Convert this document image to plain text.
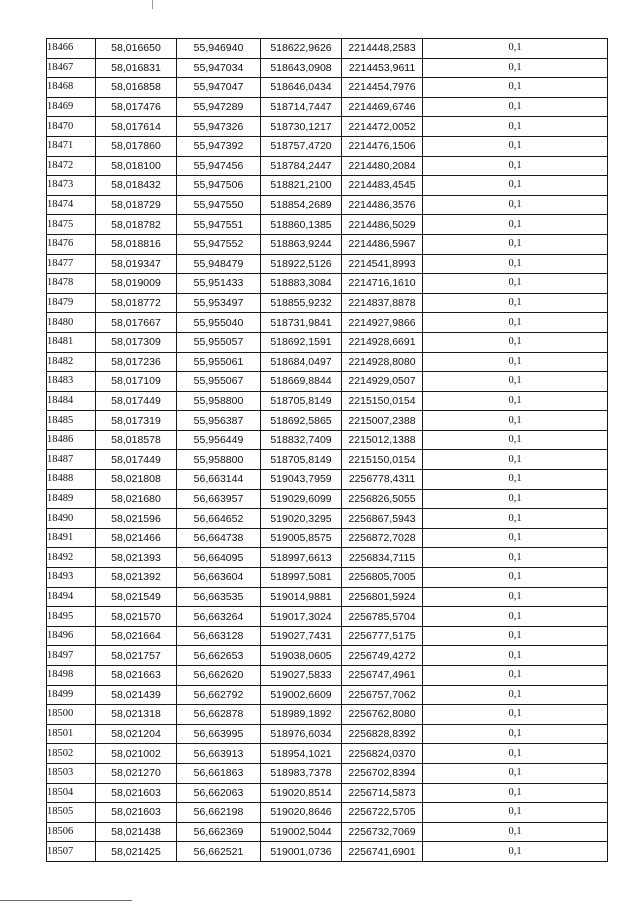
18466	58,016650	55,946940	518622,9626	2214448,2583	0,1
18467	58,016831	55,947034	518643,0908	2214453,9611	0,1
18468	58,016858	55,947047	518646,0434	2214454,7976	0,1
18469	58,017476	55,947289	518714,7447	2214469,6746	0,1
18470	58,017614	55,947326	518730,1217	2214472,0052	0,1
18471	58,017860	55,947392	518757,4720	2214476,1506	0,1
18472	58,018100	55,947456	518784,2447	2214480,2084	0,1
18473	58,018432	55,947506	518821,2100	2214483,4545	0,1
18474	58,018729	55,947550	518854,2689	2214486,3576	0,1
18475	58,018782	55,947551	518860,1385	2214486,5029	0,1
18476	58,018816	55,947552	518863,9244	2214486,5967	0,1
18477	58,019347	55,948479	518922,5126	2214541,8993	0,1
18478	58,019009	55,951433	518883,3084	2214716,1610	0,1
18479	58,018772	55,953497	518855,9232	2214837,8878	0,1
18480	58,017667	55,955040	518731,9841	2214927,9866	0,1
18481	58,017309	55,955057	518692,1591	2214928,6691	0,1
18482	58,017236	55,955061	518684,0497	2214928,8080	0,1
18483	58,017109	55,955067	518669,8844	2214929,0507	0,1
18484	58,017449	55,958800	518705,8149	2215150,0154	0,1
18485	58,017319	55,956387	518692,5865	2215007,2388	0,1
18486	58,018578	55,956449	518832,7409	2215012,1388	0,1
18487	58,017449	55,958800	518705,8149	2215150,0154	0,1
18488	58,021808	56,663144	519043,7959	2256778,4311	0,1
18489	58,021680	56,663957	519029,6099	2256826,5055	0,1
18490	58,021596	56,664652	519020,3295	2256867,5943	0,1
18491	58,021466	56,664738	519005,8575	2256872,7028	0,1
18492	58,021393	56,664095	518997,6613	2256834,7115	0,1
18493	58,021392	56,663604	518997,5081	2256805,7005	0,1
18494	58,021549	56,663535	519014,9881	2256801,5924	0,1
18495	58,021570	56,663264	519017,3024	2256785,5704	0,1
18496	58,021664	56,663128	519027,7431	2256777,5175	0,1
18497	58,021757	56,662653	519038,0605	2256749,4272	0,1
18498	58,021663	56,662620	519027,5833	2256747,4961	0,1
18499	58,021439	56,662792	519002,6609	2256757,7062	0,1
18500	58,021318	56,662878	518989,1892	2256762,8080	0,1
18501	58,021204	56,663995	518976,6034	2256828,8392	0,1
18502	58,021002	56,663913	518954,1021	2256824,0370	0,1
18503	58,021270	56,661863	518983,7378	2256702,8394	0,1
18504	58,021603	56,662063	519020,8514	2256714,5873	0,1
18505	58,021603	56,662198	519020,8646	2256722,5705	0,1
18506	58,021438	56,662369	519002,5044	2256732,7069	0,1
18507	58,021425	56,662521	519001,0736	2256741,6901	0,1
